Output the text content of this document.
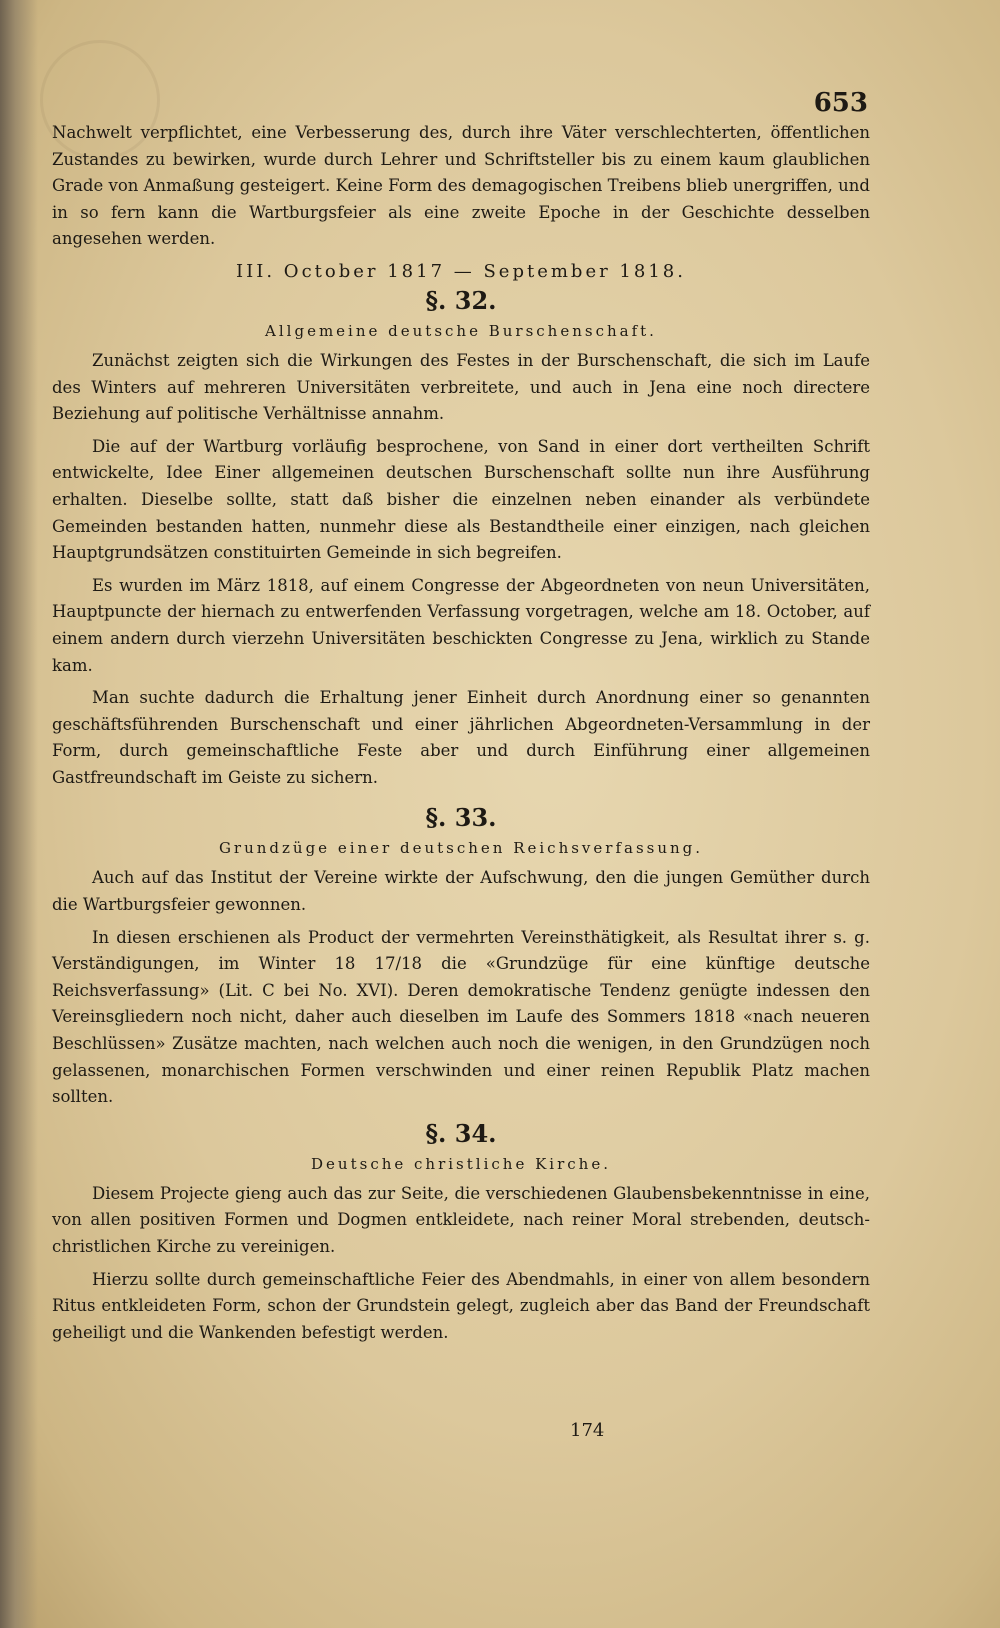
653

Nachwelt verpflichtet, eine Verbesserung des, durch ihre Väter verschlechterten, öffentlichen Zustandes zu bewirken, wurde durch Lehrer und Schriftsteller bis zu einem kaum glaublichen Grade von Anmaßung gesteigert. Keine Form des demagogischen Treibens blieb unergriffen, und in so fern kann die Wartburgsfeier als eine zweite Epoche in der Geschichte desselben angesehen werden.

III. October 1817 — September 1818.
§. 32.
Allgemeine deutsche Burschenschaft.

Zunächst zeigten sich die Wirkungen des Festes in der Burschenschaft, die sich im Laufe des Winters auf mehreren Universitäten verbreitete, und auch in Jena eine noch directere Beziehung auf politische Verhältnisse annahm.

Die auf der Wartburg vorläufig besprochene, von Sand in einer dort vertheilten Schrift entwickelte, Idee Einer allgemeinen deutschen Burschenschaft sollte nun ihre Ausführung erhalten. Dieselbe sollte, statt daß bisher die einzelnen neben einander als verbündete Gemeinden bestanden hatten, nunmehr diese als Bestandtheile einer einzigen, nach gleichen Hauptgrundsätzen constituirten Gemeinde in sich begreifen.

Es wurden im März 1818, auf einem Congresse der Abgeordneten von neun Universitäten, Hauptpuncte der hiernach zu entwerfenden Verfassung vorgetragen, welche am 18. October, auf einem andern durch vierzehn Universitäten beschickten Congresse zu Jena, wirklich zu Stande kam.

Man suchte dadurch die Erhaltung jener Einheit durch Anordnung einer so genannten geschäftsführenden Burschenschaft und einer jährlichen Abgeordneten-Versammlung in der Form, durch gemeinschaftliche Feste aber und durch Einführung einer allgemeinen Gastfreundschaft im Geiste zu sichern.

§. 33.
Grundzüge einer deutschen Reichsverfassung.

Auch auf das Institut der Vereine wirkte der Aufschwung, den die jungen Gemüther durch die Wartburgsfeier gewonnen.

In diesen erschienen als Product der vermehrten Vereinsthätigkeit, als Resultat ihrer s. g. Verständigungen, im Winter 18 17/18 die «Grundzüge für eine künftige deutsche Reichsverfassung» (Lit. C bei No. XVI). Deren demokratische Tendenz genügte indessen den Vereinsgliedern noch nicht, daher auch dieselben im Laufe des Sommers 1818 «nach neueren Beschlüssen» Zusätze machten, nach welchen auch noch die wenigen, in den Grundzügen noch gelassenen, monarchischen Formen verschwinden und einer reinen Republik Platz machen sollten.

§. 34.
Deutsche christliche Kirche.

Diesem Projecte gieng auch das zur Seite, die verschiedenen Glaubensbekenntnisse in eine, von allen positiven Formen und Dogmen entkleidete, nach reiner Moral strebenden, deutsch-christlichen Kirche zu vereinigen.

Hierzu sollte durch gemeinschaftliche Feier des Abendmahls, in einer von allem besondern Ritus entkleideten Form, schon der Grundstein gelegt, zugleich aber das Band der Freundschaft geheiligt und die Wankenden befestigt werden.

174
